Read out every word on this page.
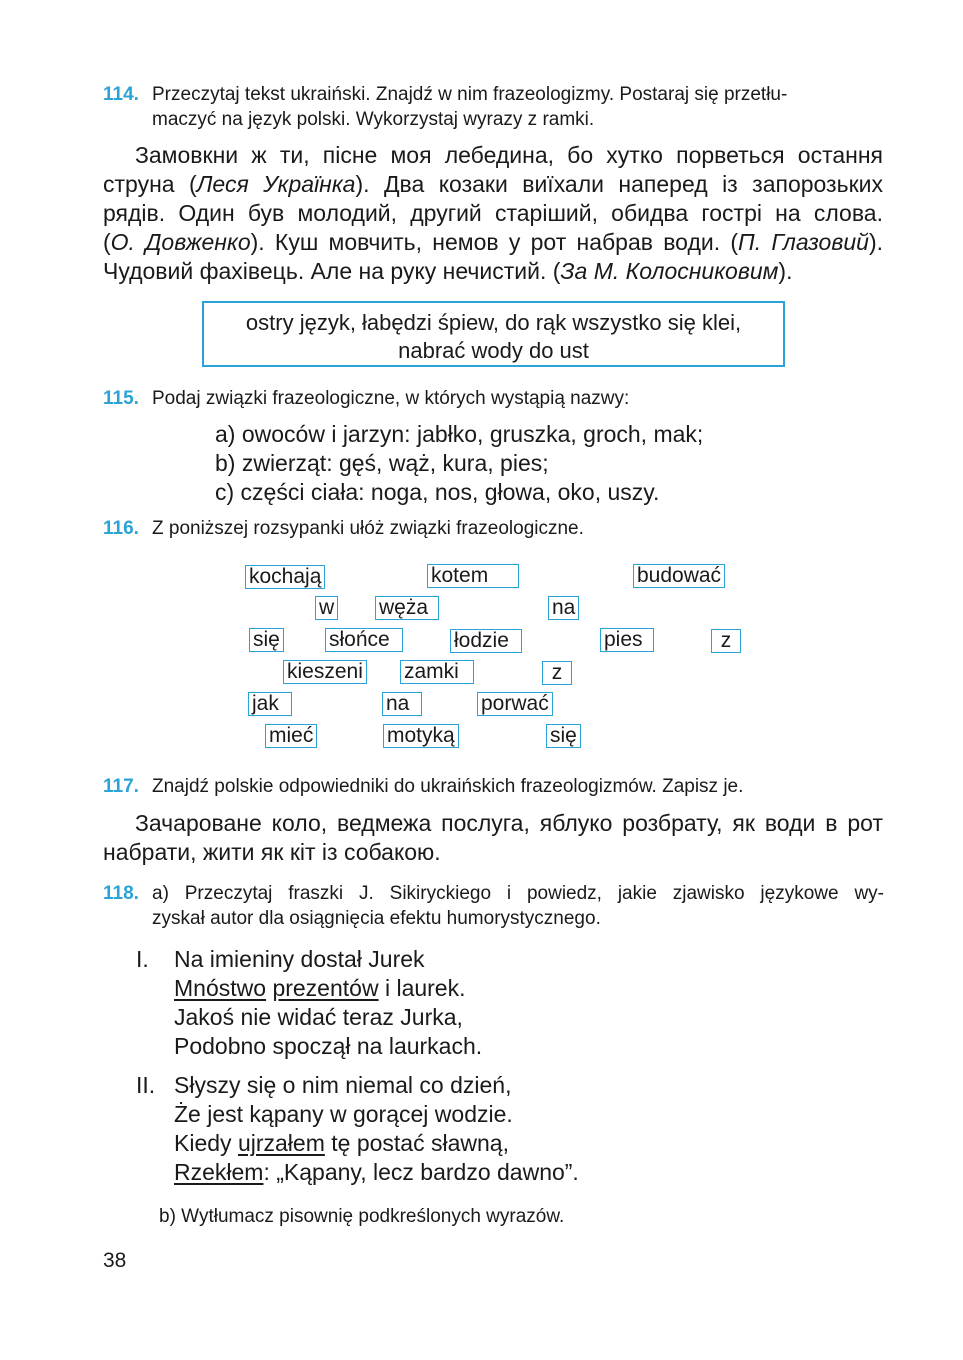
114. Przeczytaj tekst ukraiński. Znajdź w nim frazeologizmy. Postaraj się przetłu-
maczyć na język polski. Wykorzystaj wyrazy z ramki.
Замовкни ж ти, пісне моя лебедина, бо хутко порветься остання
струна (Леся Українка). Два козаки виїхали наперед із запорозьких
рядів. Один був молодий, другий старіший, обидва гострі на слова.
(О. Довженко). Куш мовчить, немов у рот набрав води. (П. Глазовий).
Чудовий фахівець. Але на руку нечистий. (За М. Колосниковим).
ostry język, łabędzi śpiew, do rąk wszystko się klei,
nabrać wody do ust
115. Podaj związki frazeologiczne, w których wystąpią nazwy:
a) owoców i jarzyn: jabłko, gruszka, groch, mak;
b) zwierząt: gęś, wąż, kura, pies;
c) części ciała: noga, nos, głowa, oko, uszy.
116. Z poniższej rozsypanki ułóż związki frazeologiczne.
kochają	kotem	budować
w węża	na
się słońce	łodzie	pies	z
kieszeni zamki	z
jak	na	porwać
mieć	motyką	się
117. Znajdź polskie odpowiedniki do ukraińskich frazeologizmów. Zapisz je.
Зачароване коло, ведмежа послуга, яблуко розбрату, як води в рот
набрати, жити як кіт із собакою.
118. a) Przeczytaj fraszki J. Sikiryckiego i powiedz, jakie zjawisko językowe wy-
zyskał autor dla osiągnięcia efektu humorystycznego.
I. Na imieniny dostał Jurek
Mnóstwo prezentów i laurek.
Jakoś nie widać teraz Jurka,
Podobno spoczął na laurkach.
II. Słyszy się o nim niemal co dzień,
Że jest kąpany w gorącej wodzie.
Kiedy ujrzałem tę postać sławną,
Rzekłem: „Kąpany, lecz bardzo dawno”.
b) Wytłumacz pisownię podkreślonych wyrazów.
38
